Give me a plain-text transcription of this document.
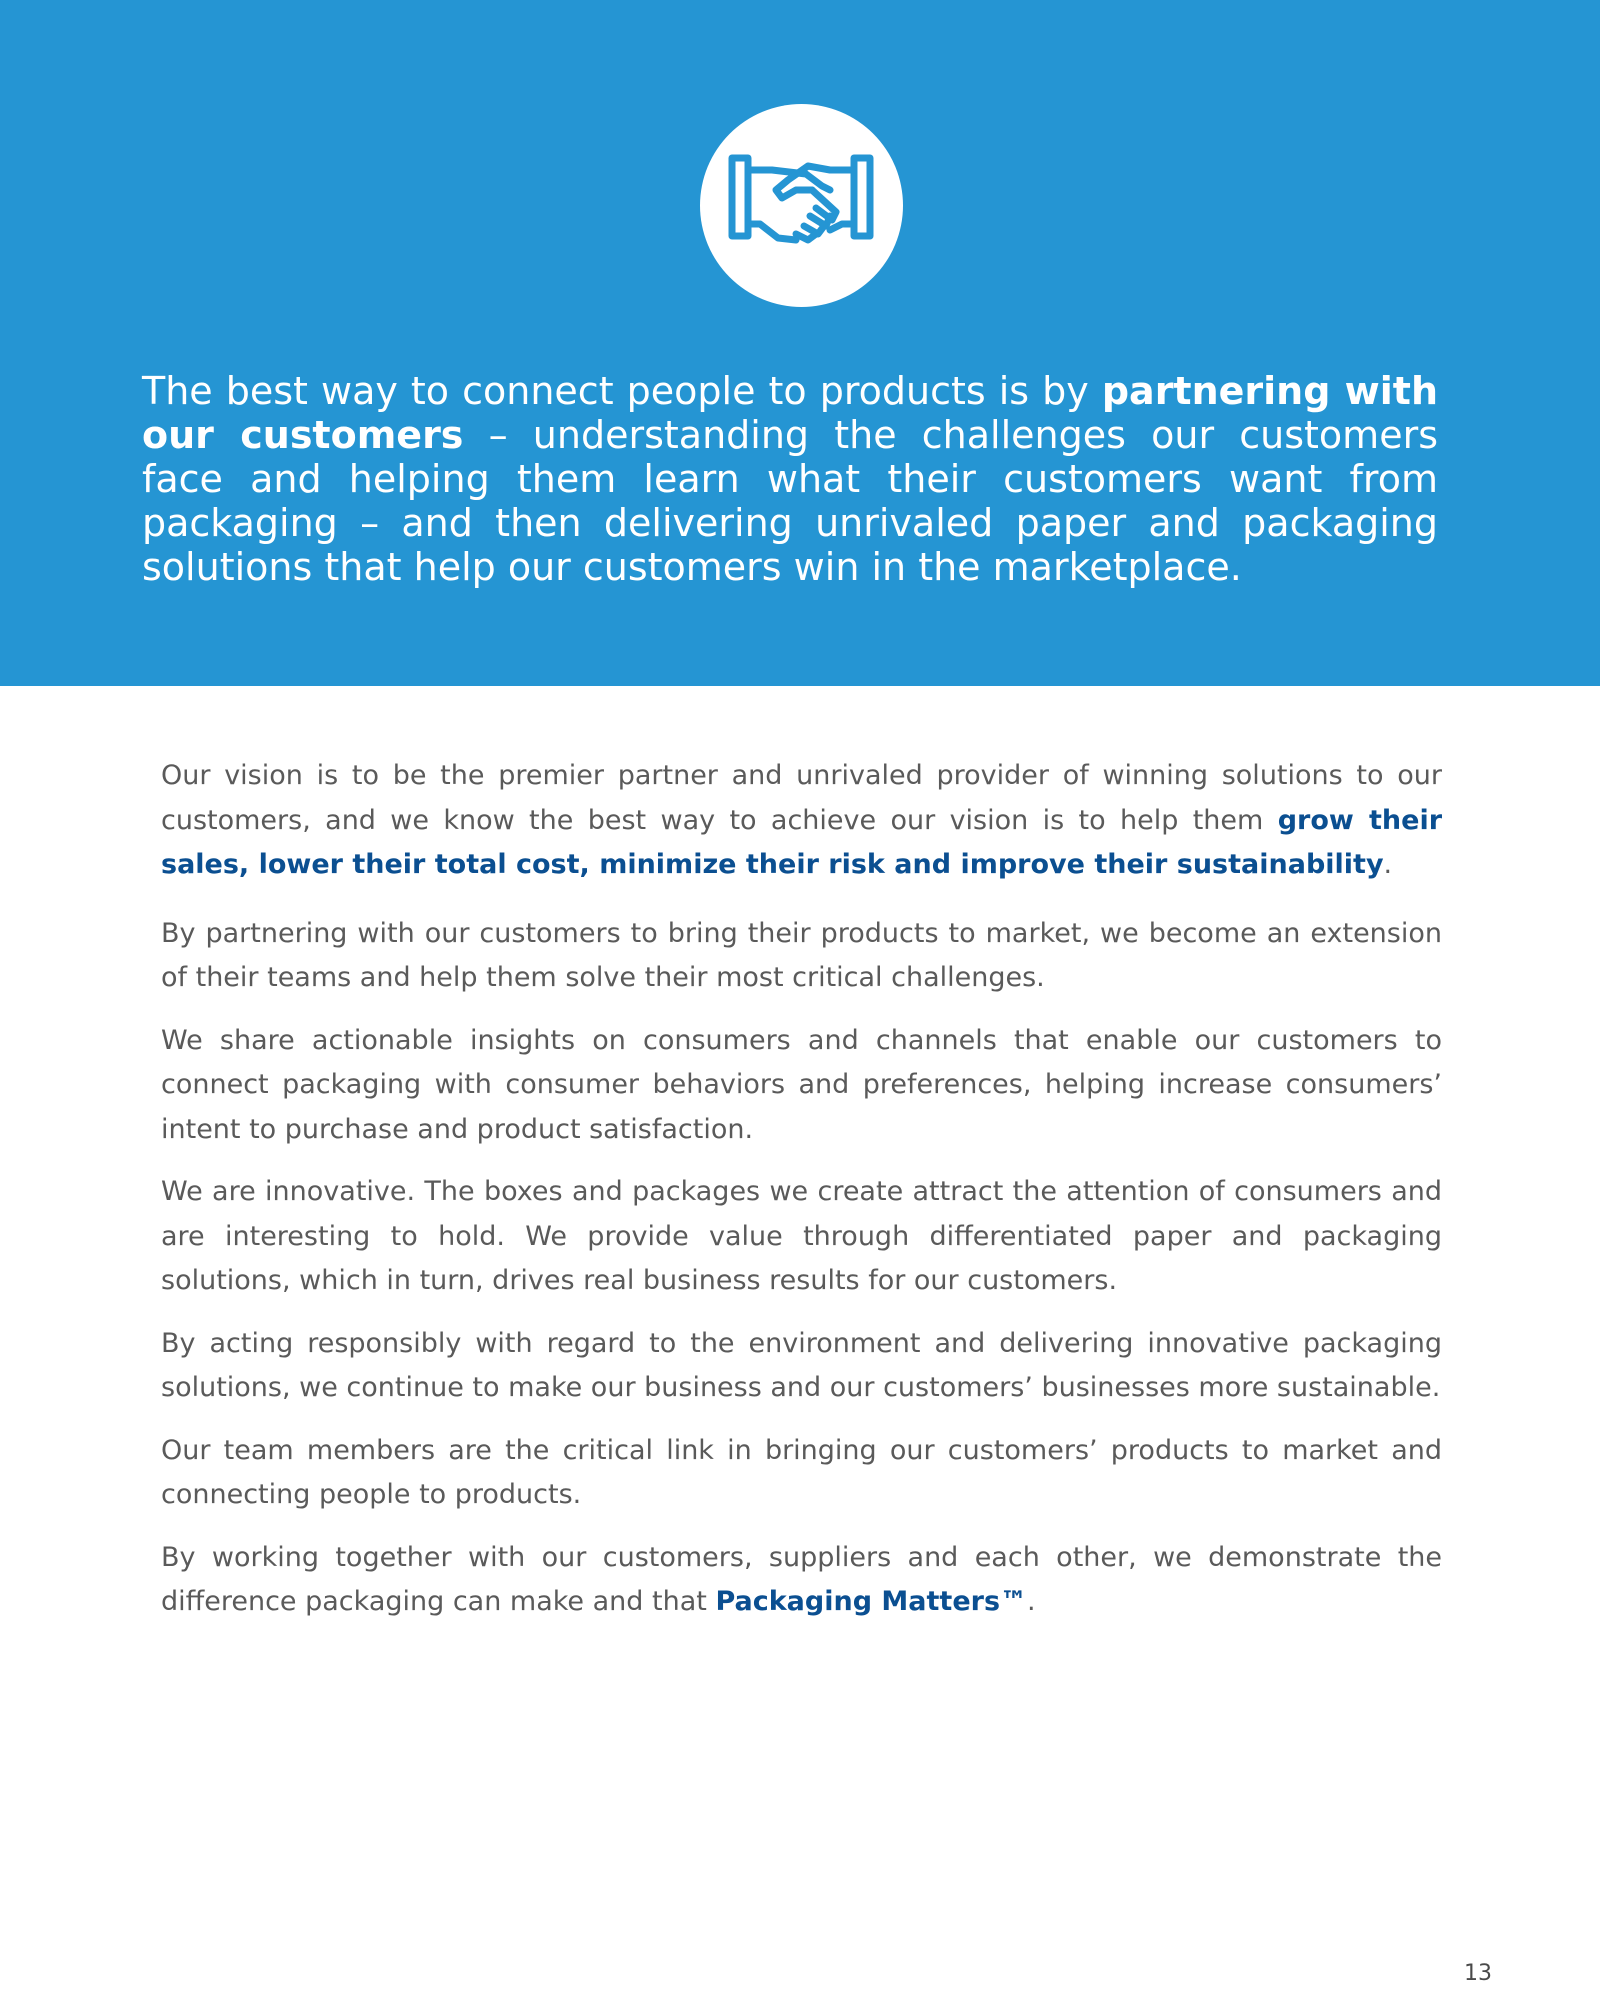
The best way to connect people to products is by partnering with our customers – understanding the challenges our customers face and helping them learn what their customers want from packaging – and then delivering unrivaled paper and packaging solutions that help our customers win in the marketplace.

Our vision is to be the premier partner and unrivaled provider of winning solutions to our customers, and we know the best way to achieve our vision is to help them grow their sales, lower their total cost, minimize their risk and improve their sustainability.

By partnering with our customers to bring their products to market, we become an extension of their teams and help them solve their most critical challenges.

We share actionable insights on consumers and channels that enable our customers to connect packaging with consumer behaviors and preferences, helping increase consumers’ intent to purchase and product satisfaction.

We are innovative. The boxes and packages we create attract the attention of consumers and are interesting to hold. We provide value through differentiated paper and packaging solutions, which in turn, drives real business results for our customers.

By acting responsibly with regard to the environment and delivering innovative packaging solutions, we continue to make our business and our customers’ businesses more sustainable.

Our team members are the critical link in bringing our customers’ products to market and connecting people to products.

By working together with our customers, suppliers and each other, we demonstrate the difference packaging can make and that Packaging Matters™.

13
